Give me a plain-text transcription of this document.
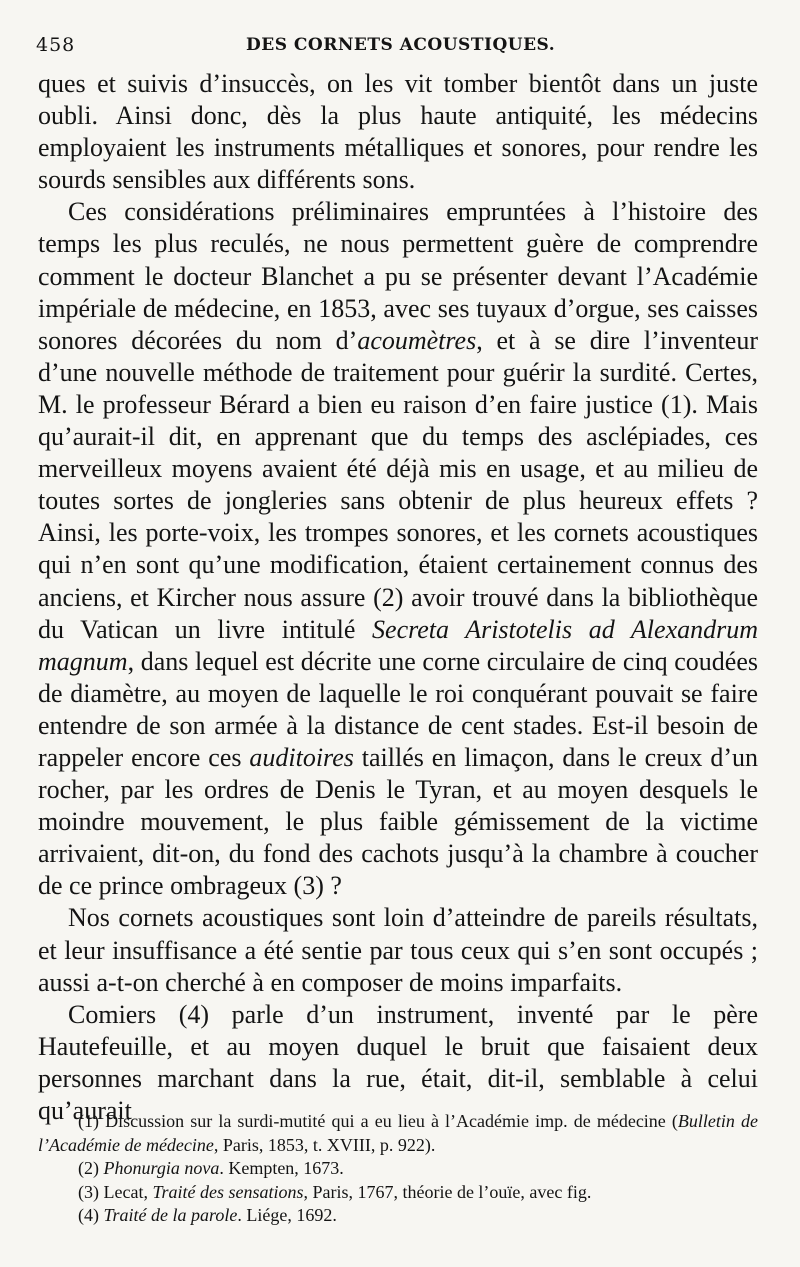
458	DES CORNETS ACOUSTIQUES.

ques et suivis d’insuccès, on les vit tomber bientôt dans un juste oubli. Ainsi donc, dès la plus haute antiquité, les médecins employaient les instruments métalliques et sonores, pour rendre les sourds sensibles aux différents sons.

Ces considérations préliminaires empruntées à l’histoire des temps les plus reculés, ne nous permettent guère de comprendre comment le docteur Blanchet a pu se présenter devant l’Académie impériale de médecine, en 1853, avec ses tuyaux d’orgue, ses caisses sonores décorées du nom d’acoumètres, et à se dire l’inventeur d’une nouvelle méthode de traitement pour guérir la surdité. Certes, M. le professeur Bérard a bien eu raison d’en faire justice (1). Mais qu’aurait-il dit, en apprenant que du temps des asclépiades, ces merveilleux moyens avaient été déjà mis en usage, et au milieu de toutes sortes de jongleries sans obtenir de plus heureux effets ? Ainsi, les porte-voix, les trompes sonores, et les cornets acoustiques qui n’en sont qu’une modification, étaient certainement connus des anciens, et Kircher nous assure (2) avoir trouvé dans la bibliothèque du Vatican un livre intitulé Secreta Aristotelis ad Alexandrum magnum, dans lequel est décrite une corne circulaire de cinq coudées de diamètre, au moyen de laquelle le roi conquérant pouvait se faire entendre de son armée à la distance de cent stades. Est-il besoin de rappeler encore ces auditoires taillés en limaçon, dans le creux d’un rocher, par les ordres de Denis le Tyran, et au moyen desquels le moindre mouvement, le plus faible gémissement de la victime arrivaient, dit-on, du fond des cachots jusqu’à la chambre à coucher de ce prince ombrageux (3) ?

Nos cornets acoustiques sont loin d’atteindre de pareils résultats, et leur insuffisance a été sentie par tous ceux qui s’en sont occupés ; aussi a-t-on cherché à en composer de moins imparfaits.

Comiers (4) parle d’un instrument, inventé par le père Hautefeuille, et au moyen duquel le bruit que faisaient deux personnes marchant dans la rue, était, dit-il, semblable à celui qu’aurait

(1) Discussion sur la surdi-mutité qui a eu lieu à l’Académie imp. de médecine (Bulletin de l’Académie de médecine, Paris, 1853, t. XVIII, p. 922).

(2) Phonurgia nova. Kempten, 1673.

(3) Lecat, Traité des sensations, Paris, 1767, théorie de l’ouïe, avec fig.

(4) Traité de la parole. Liége, 1692.
